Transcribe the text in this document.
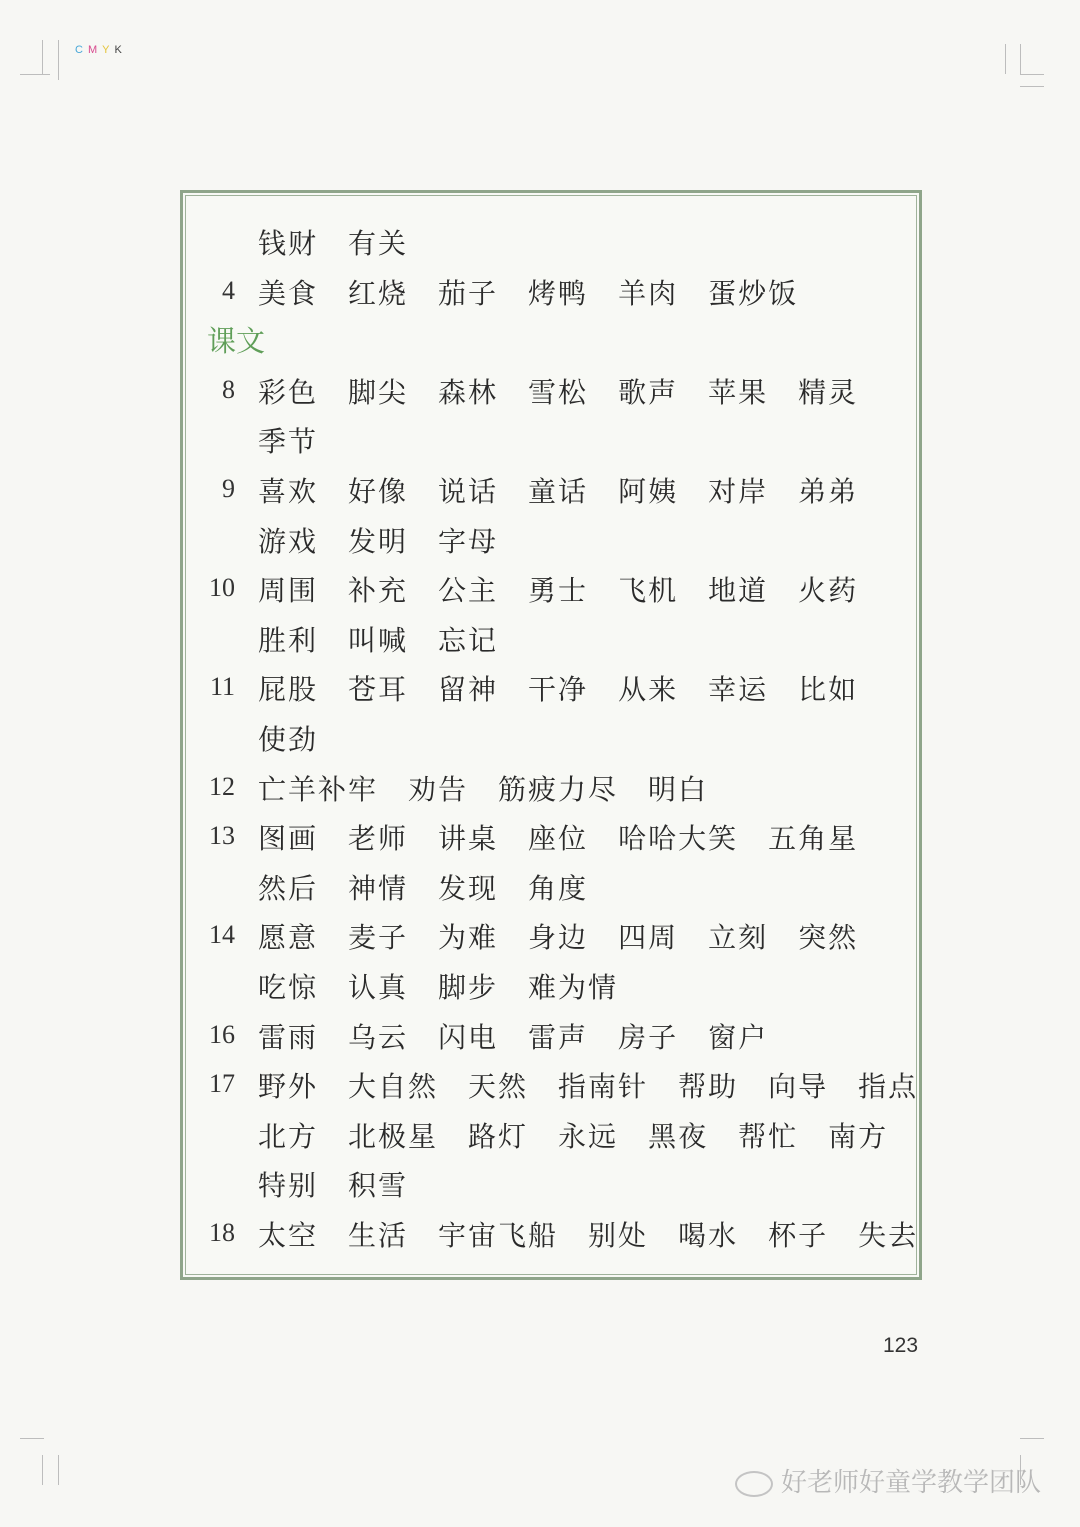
CMYK
钱财 有关
4 美食 红烧 茄子 烤鸭 羊肉 蛋炒饭
课文
8 彩色 脚尖 森林 雪松 歌声 苹果 精灵
季节
9 喜欢 好像 说话 童话 阿姨 对岸 弟弟
游戏 发明 字母
10 周围 补充 公主 勇士 飞机 地道 火药
胜利 叫喊 忘记
11 屁股 苍耳 留神 干净 从来 幸运 比如
使劲
12 亡羊补牢 劝告 筋疲力尽 明白
13 图画 老师 讲桌 座位 哈哈大笑 五角星
然后 神情 发现 角度
14 愿意 麦子 为难 身边 四周 立刻 突然
吃惊 认真 脚步 难为情
16 雷雨 乌云 闪电 雷声 房子 窗户
17 野外 大自然 天然 指南针 帮助 向导 指点
北方 北极星 路灯 永远 黑夜 帮忙 南方
特别 积雪
18 太空 生活 宇宙飞船 别处 喝水 杯子 失去
123
好老师好童学教学团队
